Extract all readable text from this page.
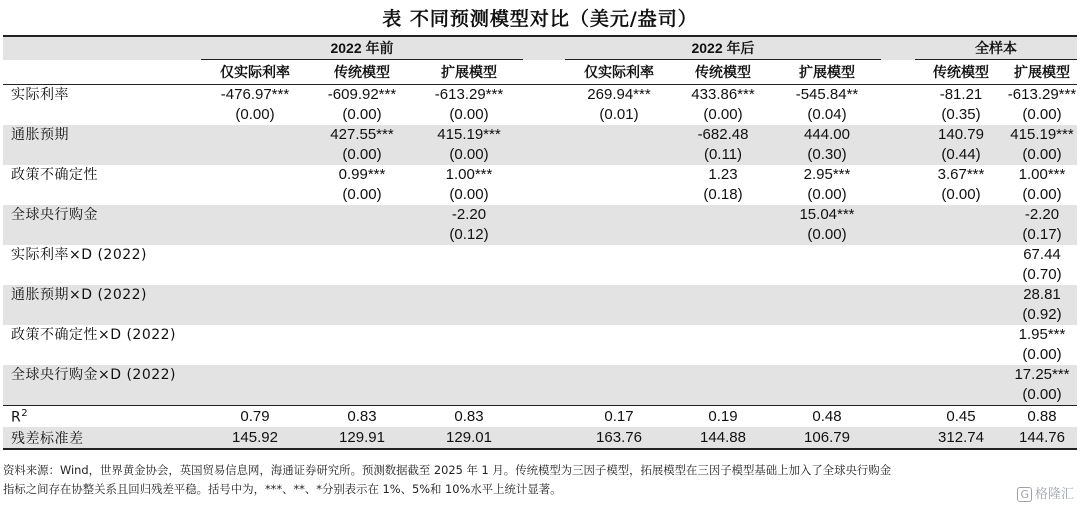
表 不同预测模型对比（美元/盎司）
	2022 年前				2022 年后				全样本	
	仅实际利率	传统模型	扩展模型		仅实际利率	传统模型	扩展模型		传统模型	扩展模型
实际利率	-476.97***	-609.92***	-613.29***		269.94***	433.86***	-545.84**		-81.21	-613.29***
	(0.00)	(0.00)	(0.00)		(0.01)	(0.00)	(0.04)		(0.35)	(0.00)
通胀预期		427.55***	415.19***			-682.48	444.00		140.79	415.19***
		(0.00)	(0.00)			(0.11)	(0.30)		(0.44)	(0.00)
政策不确定性		0.99***	1.00***			1.23	2.95***		3.67***	1.00***
		(0.00)	(0.00)			(0.18)	(0.00)		(0.00)	(0.00)
全球央行购金			-2.20				15.04***			-2.20
			(0.12)				(0.00)			(0.17)
实际利率×D (2022)										67.44
										(0.70)
通胀预期×D (2022)										28.81
										(0.92)
政策不确定性×D (2022)										1.95***
										(0.00)
全球央行购金×D (2022)										17.25***
										(0.00)
$R^2$	0.79	0.83	0.83		0.17	0.19	0.48		0.45	0.88
残差标准差	145.92	129.91	129.01		163.76	144.88	106.79		312.74	144.76
资料来源：Wind，世界黄金协会，英国贸易信息网，海通证券研究所。预测数据截至 2025 年 1 月。传统模型为三因子模型，拓展模型在三因子模型基础上加入了全球央行购金
指标之间存在协整关系且回归残差平稳。括号中为，***、**、*分别表示在 1%、5%和 10%水平上统计显著。	G 格隆汇
